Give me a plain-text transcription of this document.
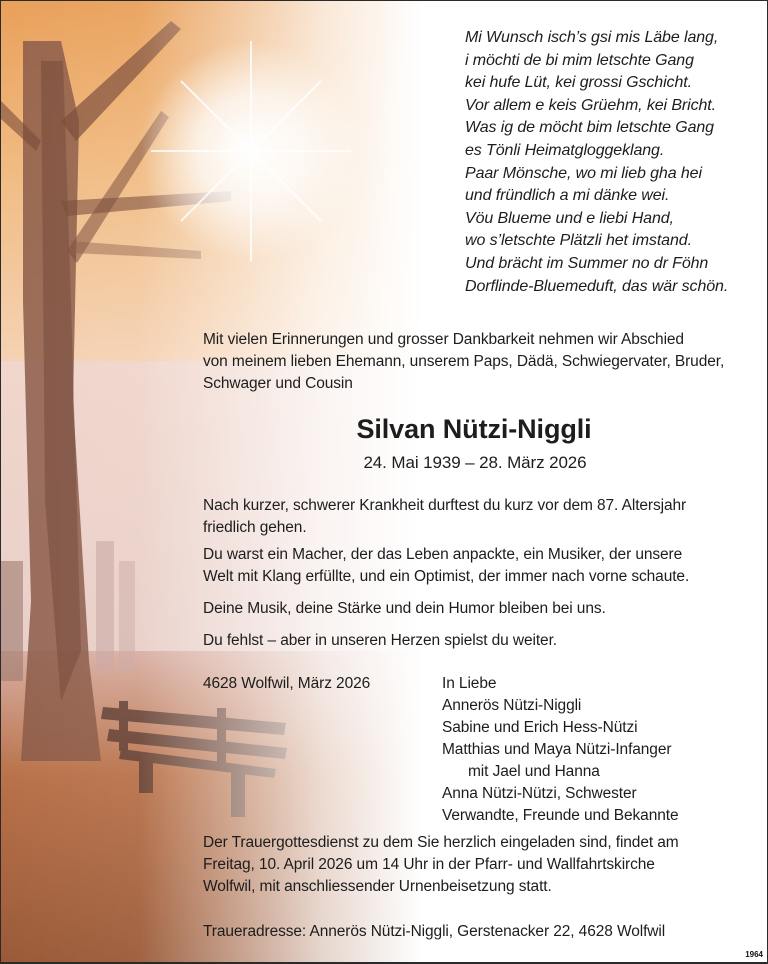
Mi Wunsch isch’s gsi mis Läbe lang,
i möchti de bi mim letschte Gang
kei hufe Lüt, kei grossi Gschicht.
Vor allem e keis Grüehm, kei Bricht.
Was ig de möcht bim letschte Gang
es Tönli Heimatgloggeklang.
Paar Mönsche, wo mi lieb gha hei
und fründlich a mi dänke wei.
Vöu Blueme und e liebi Hand,
wo s’letschte Plätzli het imstand.
Und brächt im Summer no dr Föhn
Dorflinde-Bluemeduft, das wär schön.
Mit vielen Erinnerungen und grosser Dankbarkeit nehmen wir Abschied
von meinem lieben Ehemann, unserem Paps, Dädä, Schwiegervater, Bruder,
Schwager und Cousin
Silvan Nützi-Niggli
24. Mai 1939 – 28. März 2026
Nach kurzer, schwerer Krankheit durftest du kurz vor dem 87. Altersjahr
friedlich gehen.
Du warst ein Macher, der das Leben anpackte, ein Musiker, der unsere
Welt mit Klang erfüllte, und ein Optimist, der immer nach vorne schaute.
Deine Musik, deine Stärke und dein Humor bleiben bei uns.
Du fehlst – aber in unseren Herzen spielst du weiter.
4628 Wolfwil, März 2026	In Liebe
Annerös Nützi-Niggli
Sabine und Erich Hess-Nützi
Matthias und Maya Nützi-Infanger
mit Jael und Hanna
Anna Nützi-Nützi, Schwester
Verwandte, Freunde und Bekannte
Der Trauergottesdienst zu dem Sie herzlich eingeladen sind, findet am
Freitag, 10. April 2026 um 14 Uhr in der Pfarr- und Wallfahrtskirche
Wolfwil, mit anschliessender Urnenbeisetzung statt.
Traueradresse: Annerös Nützi-Niggli, Gerstenacker 22, 4628 Wolfwil
1964
